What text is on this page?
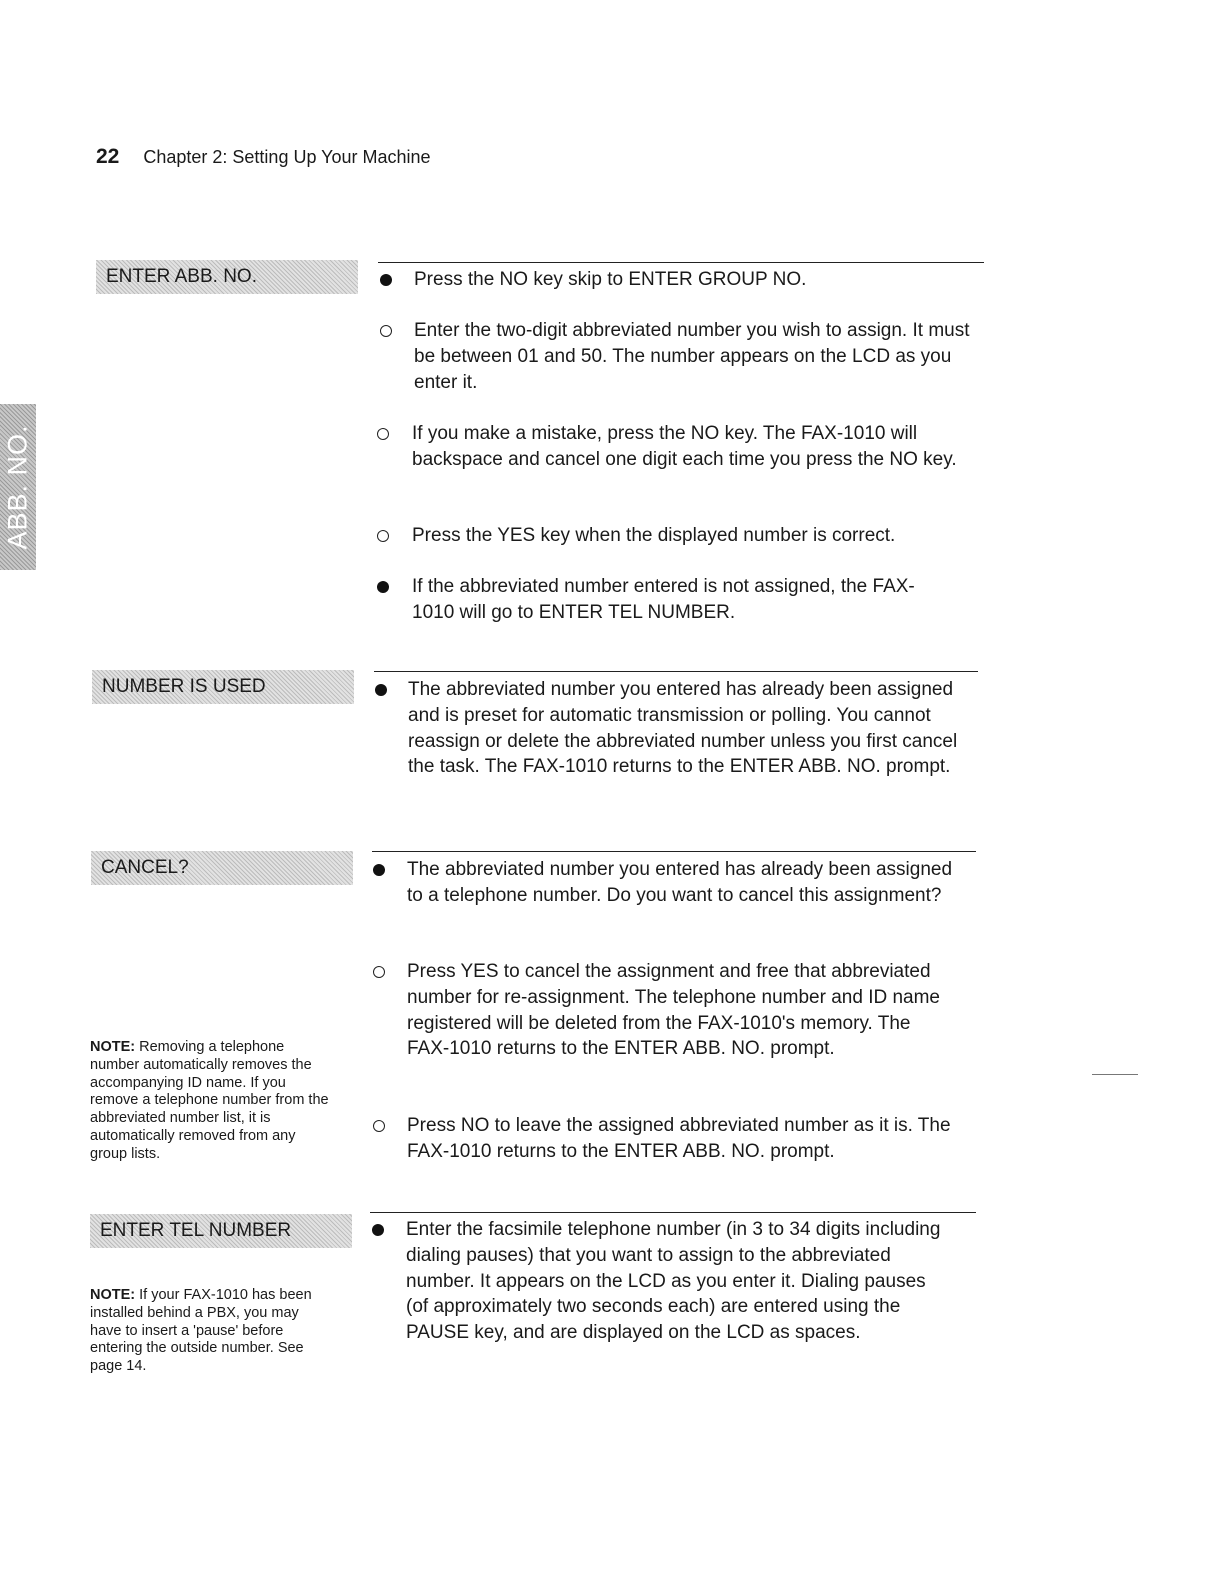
22 Chapter 2: Setting Up Your Machine
ABB. NO.
ENTER ABB. NO.	Press the NO key skip to ENTER GROUP NO.
Enter the two-digit abbreviated number you wish to assign. It must be between 01 and 50. The number appears on the LCD as you enter it.
If you make a mistake, press the NO key. The FAX-1010 will backspace and cancel one digit each time you press the NO key.
Press the YES key when the displayed number is correct.
If the abbreviated number entered is not assigned, the FAX-1010 will go to ENTER TEL NUMBER.
NUMBER IS USED	The abbreviated number you entered has already been assigned and is preset for automatic transmission or polling. You cannot reassign or delete the abbreviated number unless you first cancel the task. The FAX-1010 returns to the ENTER ABB. NO. prompt.
CANCEL?	The abbreviated number you entered has already been assigned to a telephone number. Do you want to cancel this assignment?
Press YES to cancel the assignment and free that abbreviated number for re-assignment. The telephone number and ID name registered will be deleted from the FAX-1010's memory. The FAX-1010 returns to the ENTER ABB. NO. prompt.
Press NO to leave the assigned abbreviated number as it is. The FAX-1010 returns to the ENTER ABB. NO. prompt.
NOTE: Removing a telephone number automatically removes the accompanying ID name. If you remove a telephone number from the abbreviated number list, it is automatically removed from any group lists.
ENTER TEL NUMBER	Enter the facsimile telephone number (in 3 to 34 digits including dialing pauses) that you want to assign to the abbreviated number. It appears on the LCD as you enter it. Dialing pauses (of approximately two seconds each) are entered using the PAUSE key, and are displayed on the LCD as spaces.
NOTE: If your FAX-1010 has been installed behind a PBX, you may have to insert a 'pause' before entering the outside number. See page 14.
